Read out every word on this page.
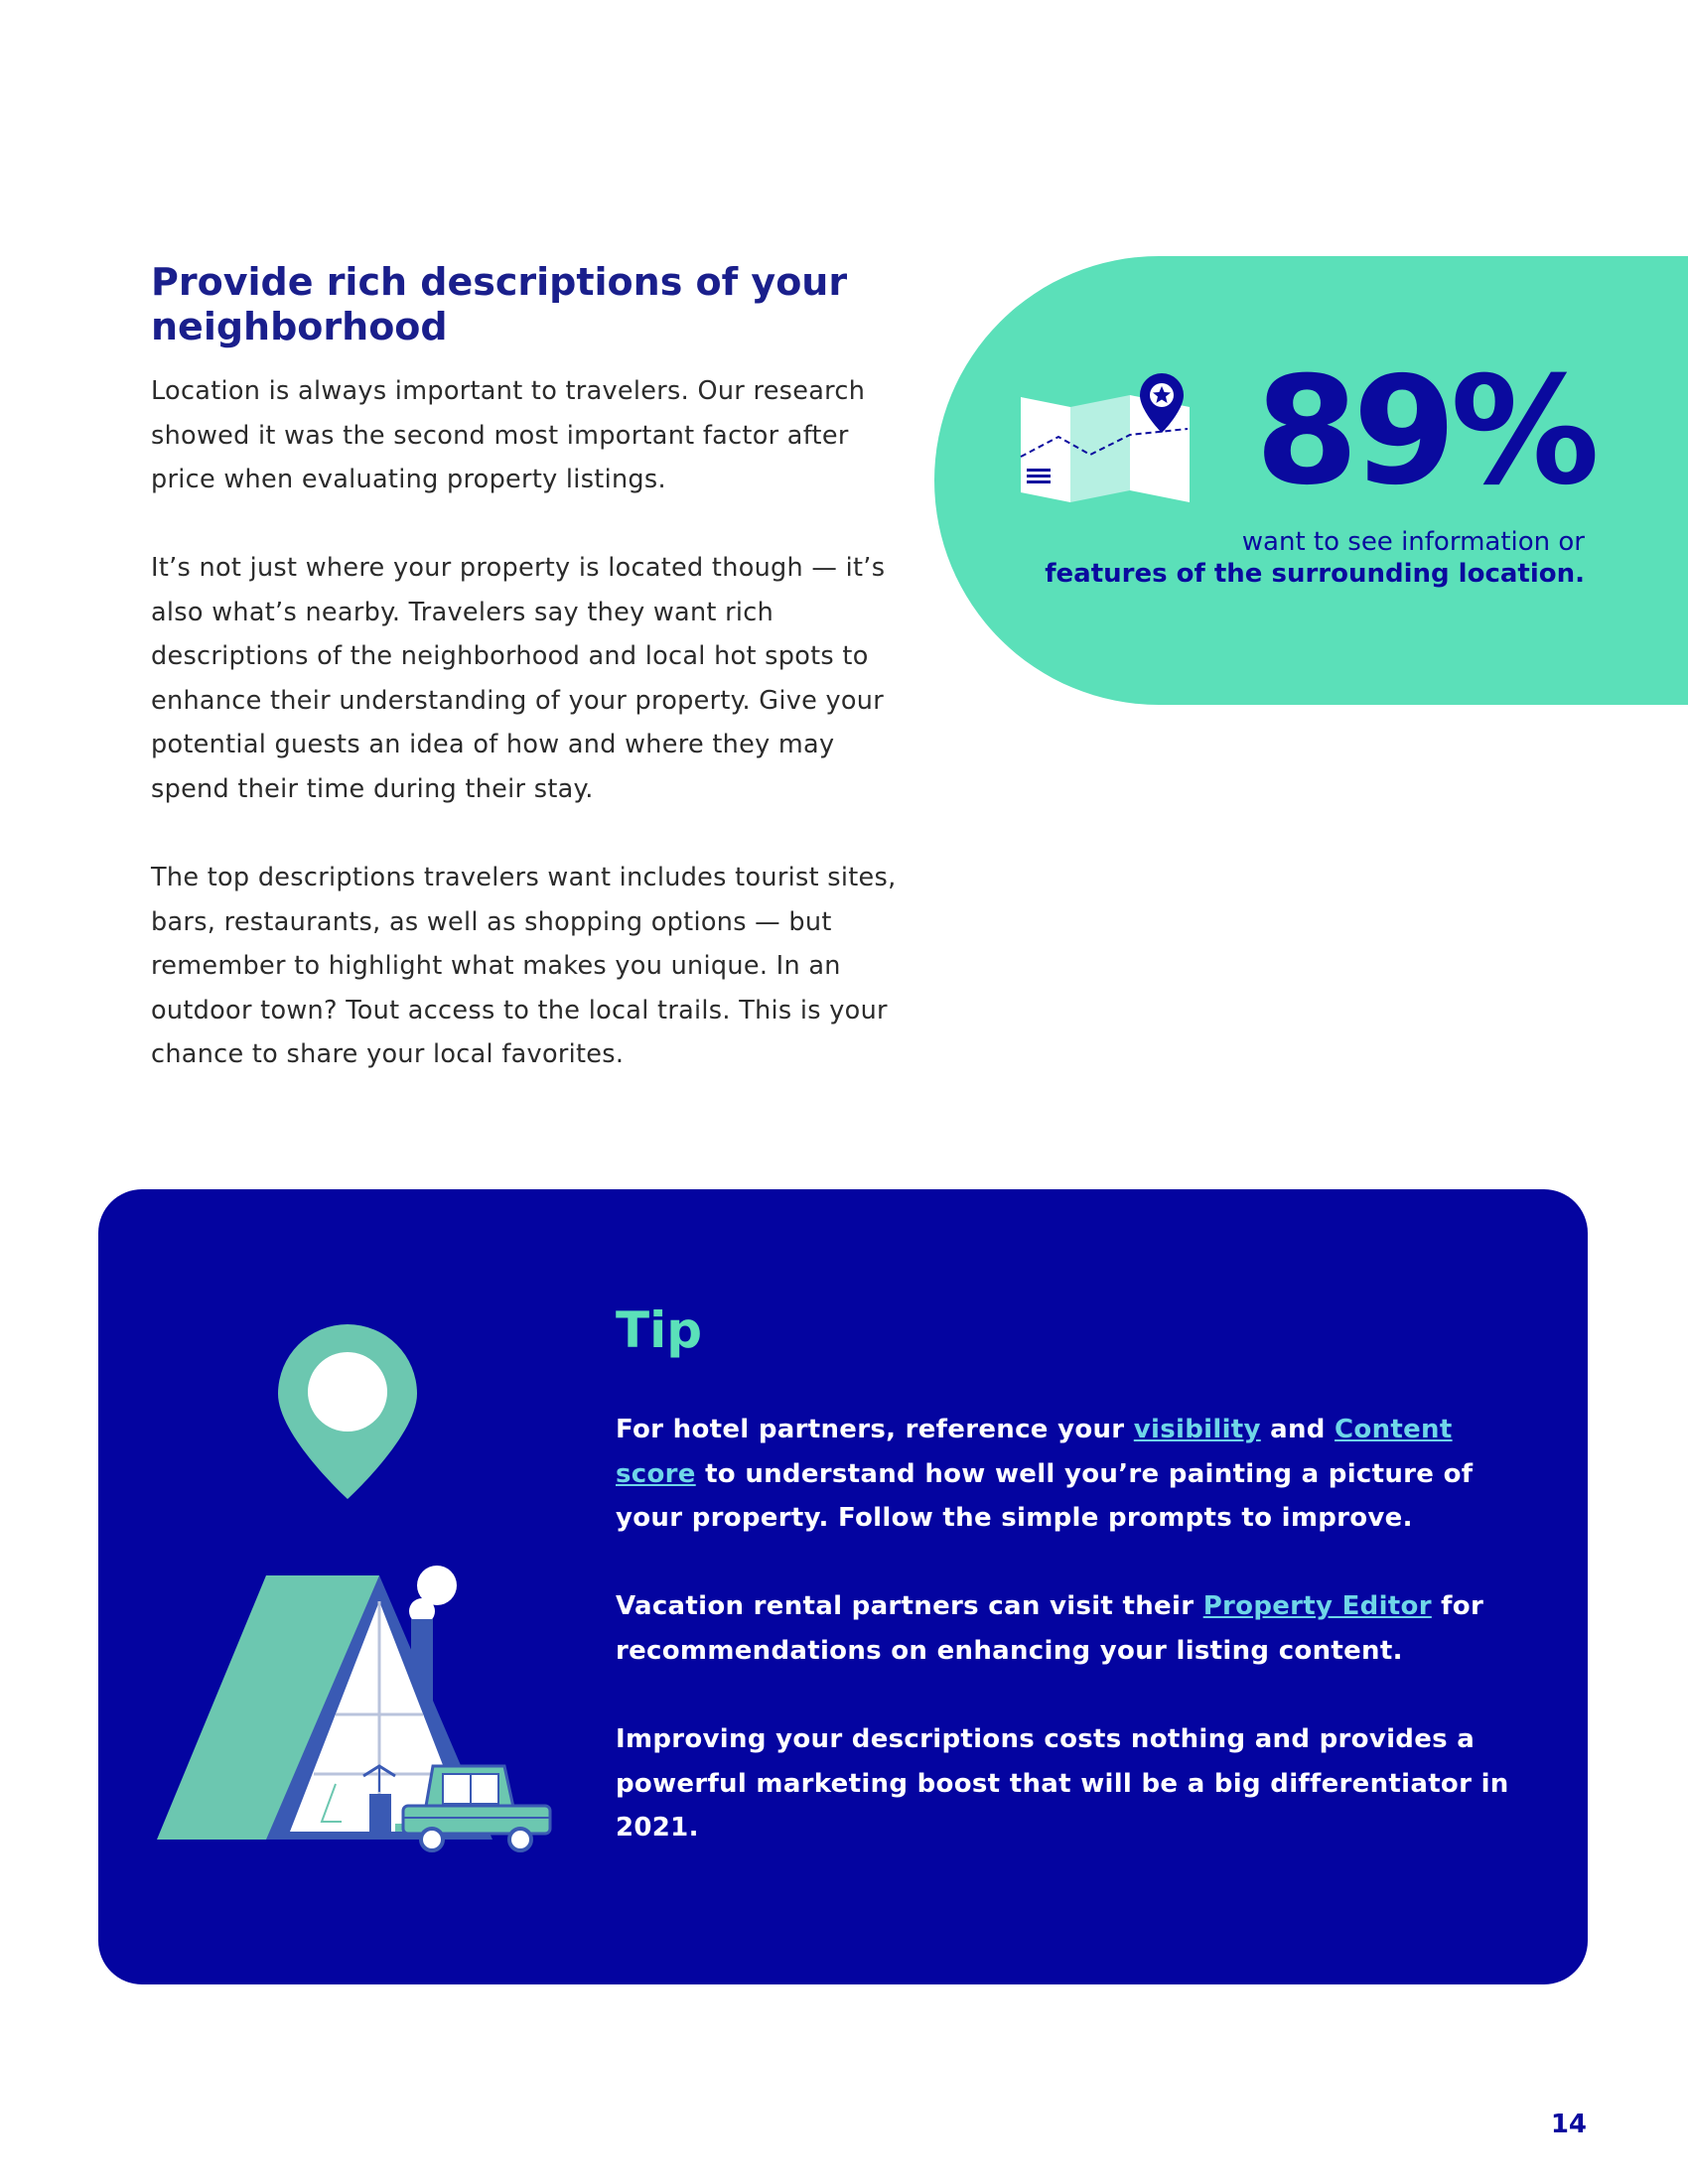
Provide rich descriptions of your neighborhood

Location is always important to travelers. Our research showed it was the second most important factor after price when evaluating property listings.

It’s not just where your property is located though — it’s also what’s nearby. Travelers say they want rich descriptions of the neighborhood and local hot spots to enhance their understanding of your property. Give your potential guests an idea of how and where they may spend their time during their stay.

The top descriptions travelers want includes tourist sites, bars, restaurants, as well as shopping options — but remember to highlight what makes you unique. In an outdoor town? Tout access to the local trails. This is your chance to share your local favorites.

89%
want to see information or
features of the surrounding location.
Tip

For hotel partners, reference your visibility and Content score to understand how well you’re painting a picture of your property. Follow the simple prompts to improve.

Vacation rental partners can visit their Property Editor for recommendations on enhancing your listing content.

Improving your descriptions costs nothing and provides a powerful marketing boost that will be a big differentiator in 2021.

14
